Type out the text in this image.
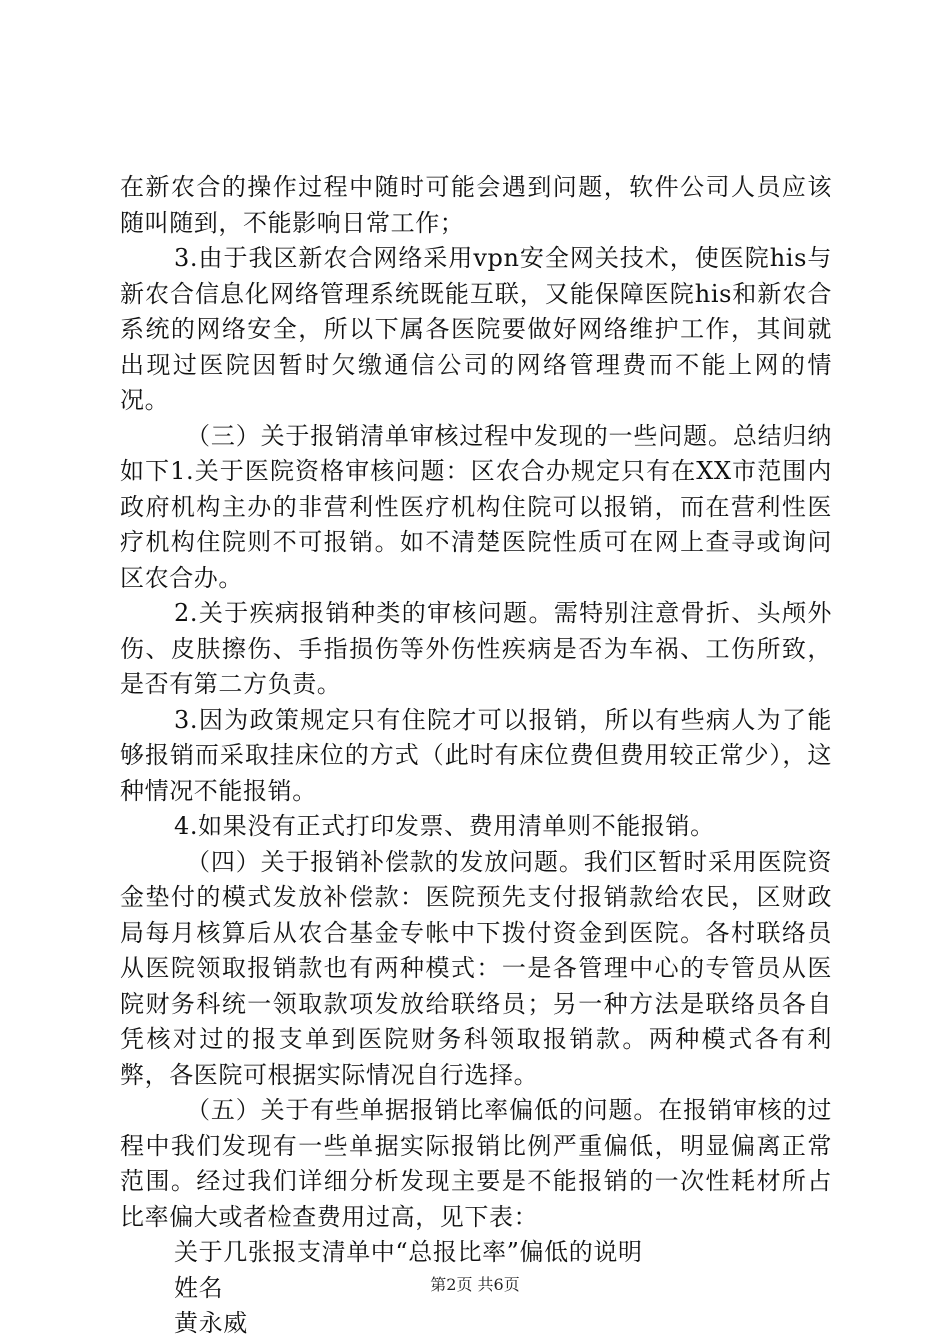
在新农合的操作过程中随时可能会遇到问题，软件公司人员应该随叫随到，不能影响日常工作；

3.由于我区新农合网络采用vpn安全网关技术，使医院his与新农合信息化网络管理系统既能互联，又能保障医院his和新农合系统的网络安全，所以下属各医院要做好网络维护工作，其间就出现过医院因暂时欠缴通信公司的网络管理费而不能上网的情况。

（三）关于报销清单审核过程中发现的一些问题。总结归纳如下1.关于医院资格审核问题：区农合办规定只有在XX市范围内政府机构主办的非营利性医疗机构住院可以报销，而在营利性医疗机构住院则不可报销。如不清楚医院性质可在网上查寻或询问区农合办。

2.关于疾病报销种类的审核问题。需特别注意骨折、头颅外伤、皮肤擦伤、手指损伤等外伤性疾病是否为车祸、工伤所致，是否有第二方负责。

3.因为政策规定只有住院才可以报销，所以有些病人为了能够报销而采取挂床位的方式（此时有床位费但费用较正常少），这种情况不能报销。

4.如果没有正式打印发票、费用清单则不能报销。

（四）关于报销补偿款的发放问题。我们区暂时采用医院资金垫付的模式发放补偿款：医院预先支付报销款给农民，区财政局每月核算后从农合基金专帐中下拨付资金到医院。各村联络员从医院领取报销款也有两种模式：一是各管理中心的专管员从医院财务科统一领取款项发放给联络员；另一种方法是联络员各自凭核对过的报支单到医院财务科领取报销款。两种模式各有利弊，各医院可根据实际情况自行选择。

（五）关于有些单据报销比率偏低的问题。在报销审核的过程中我们发现有一些单据实际报销比例严重偏低，明显偏离正常范围。经过我们详细分析发现主要是不能报销的一次性耗材所占比率偏大或者检查费用过高，见下表：

关于几张报支清单中“总报比率”偏低的说明

姓名

黄永威

第2页 共6页
